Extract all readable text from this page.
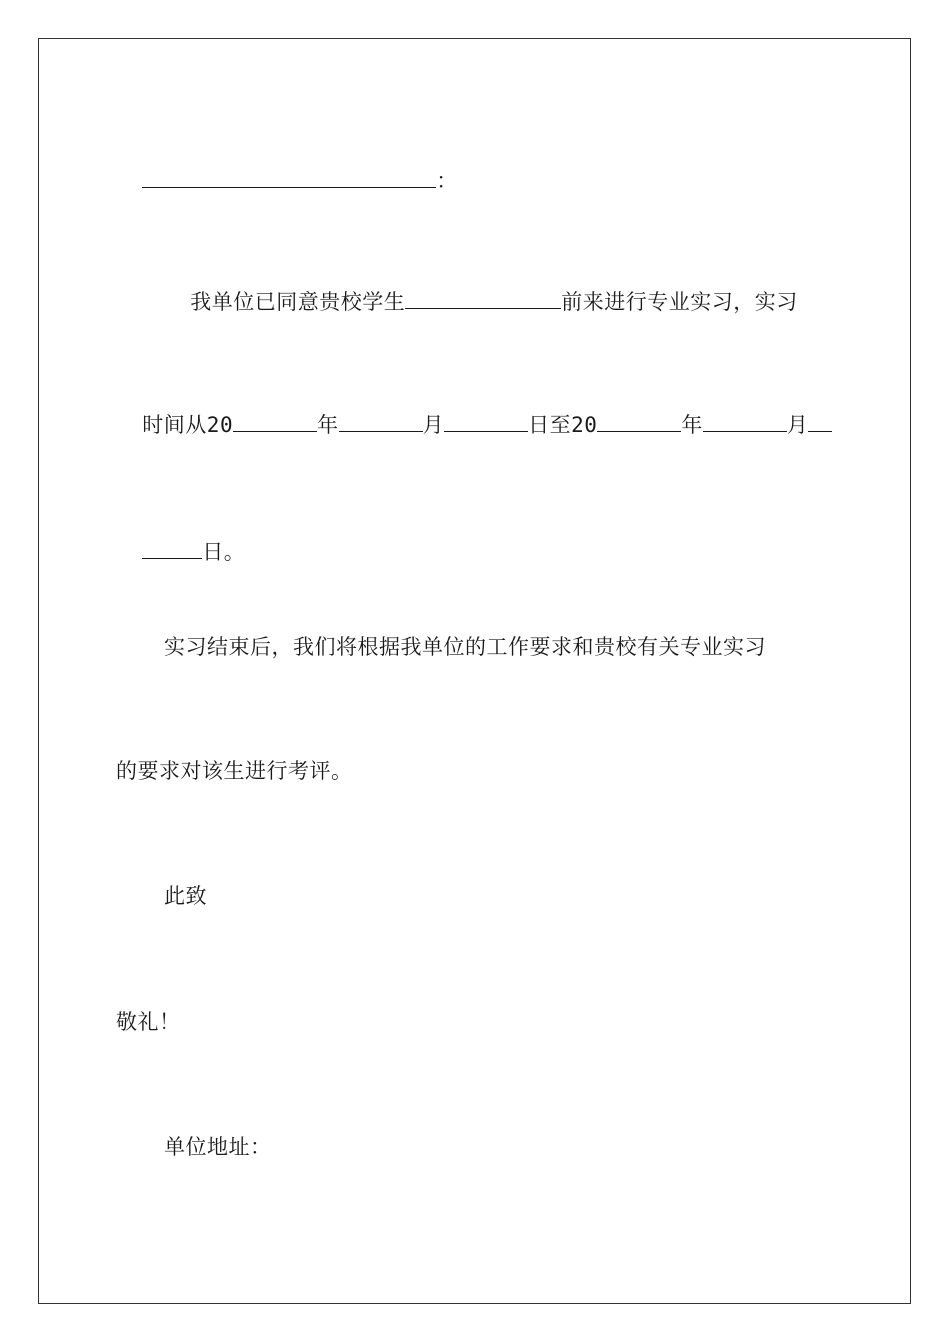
：

我单位已同意贵校学生	前来进行专业实习，实习

时间从20	年	月	日至20	年	月

日。

实习结束后，我们将根据我单位的工作要求和贵校有关专业实习
的要求对该生进行考评。
此致
敬礼！
单位地址：
